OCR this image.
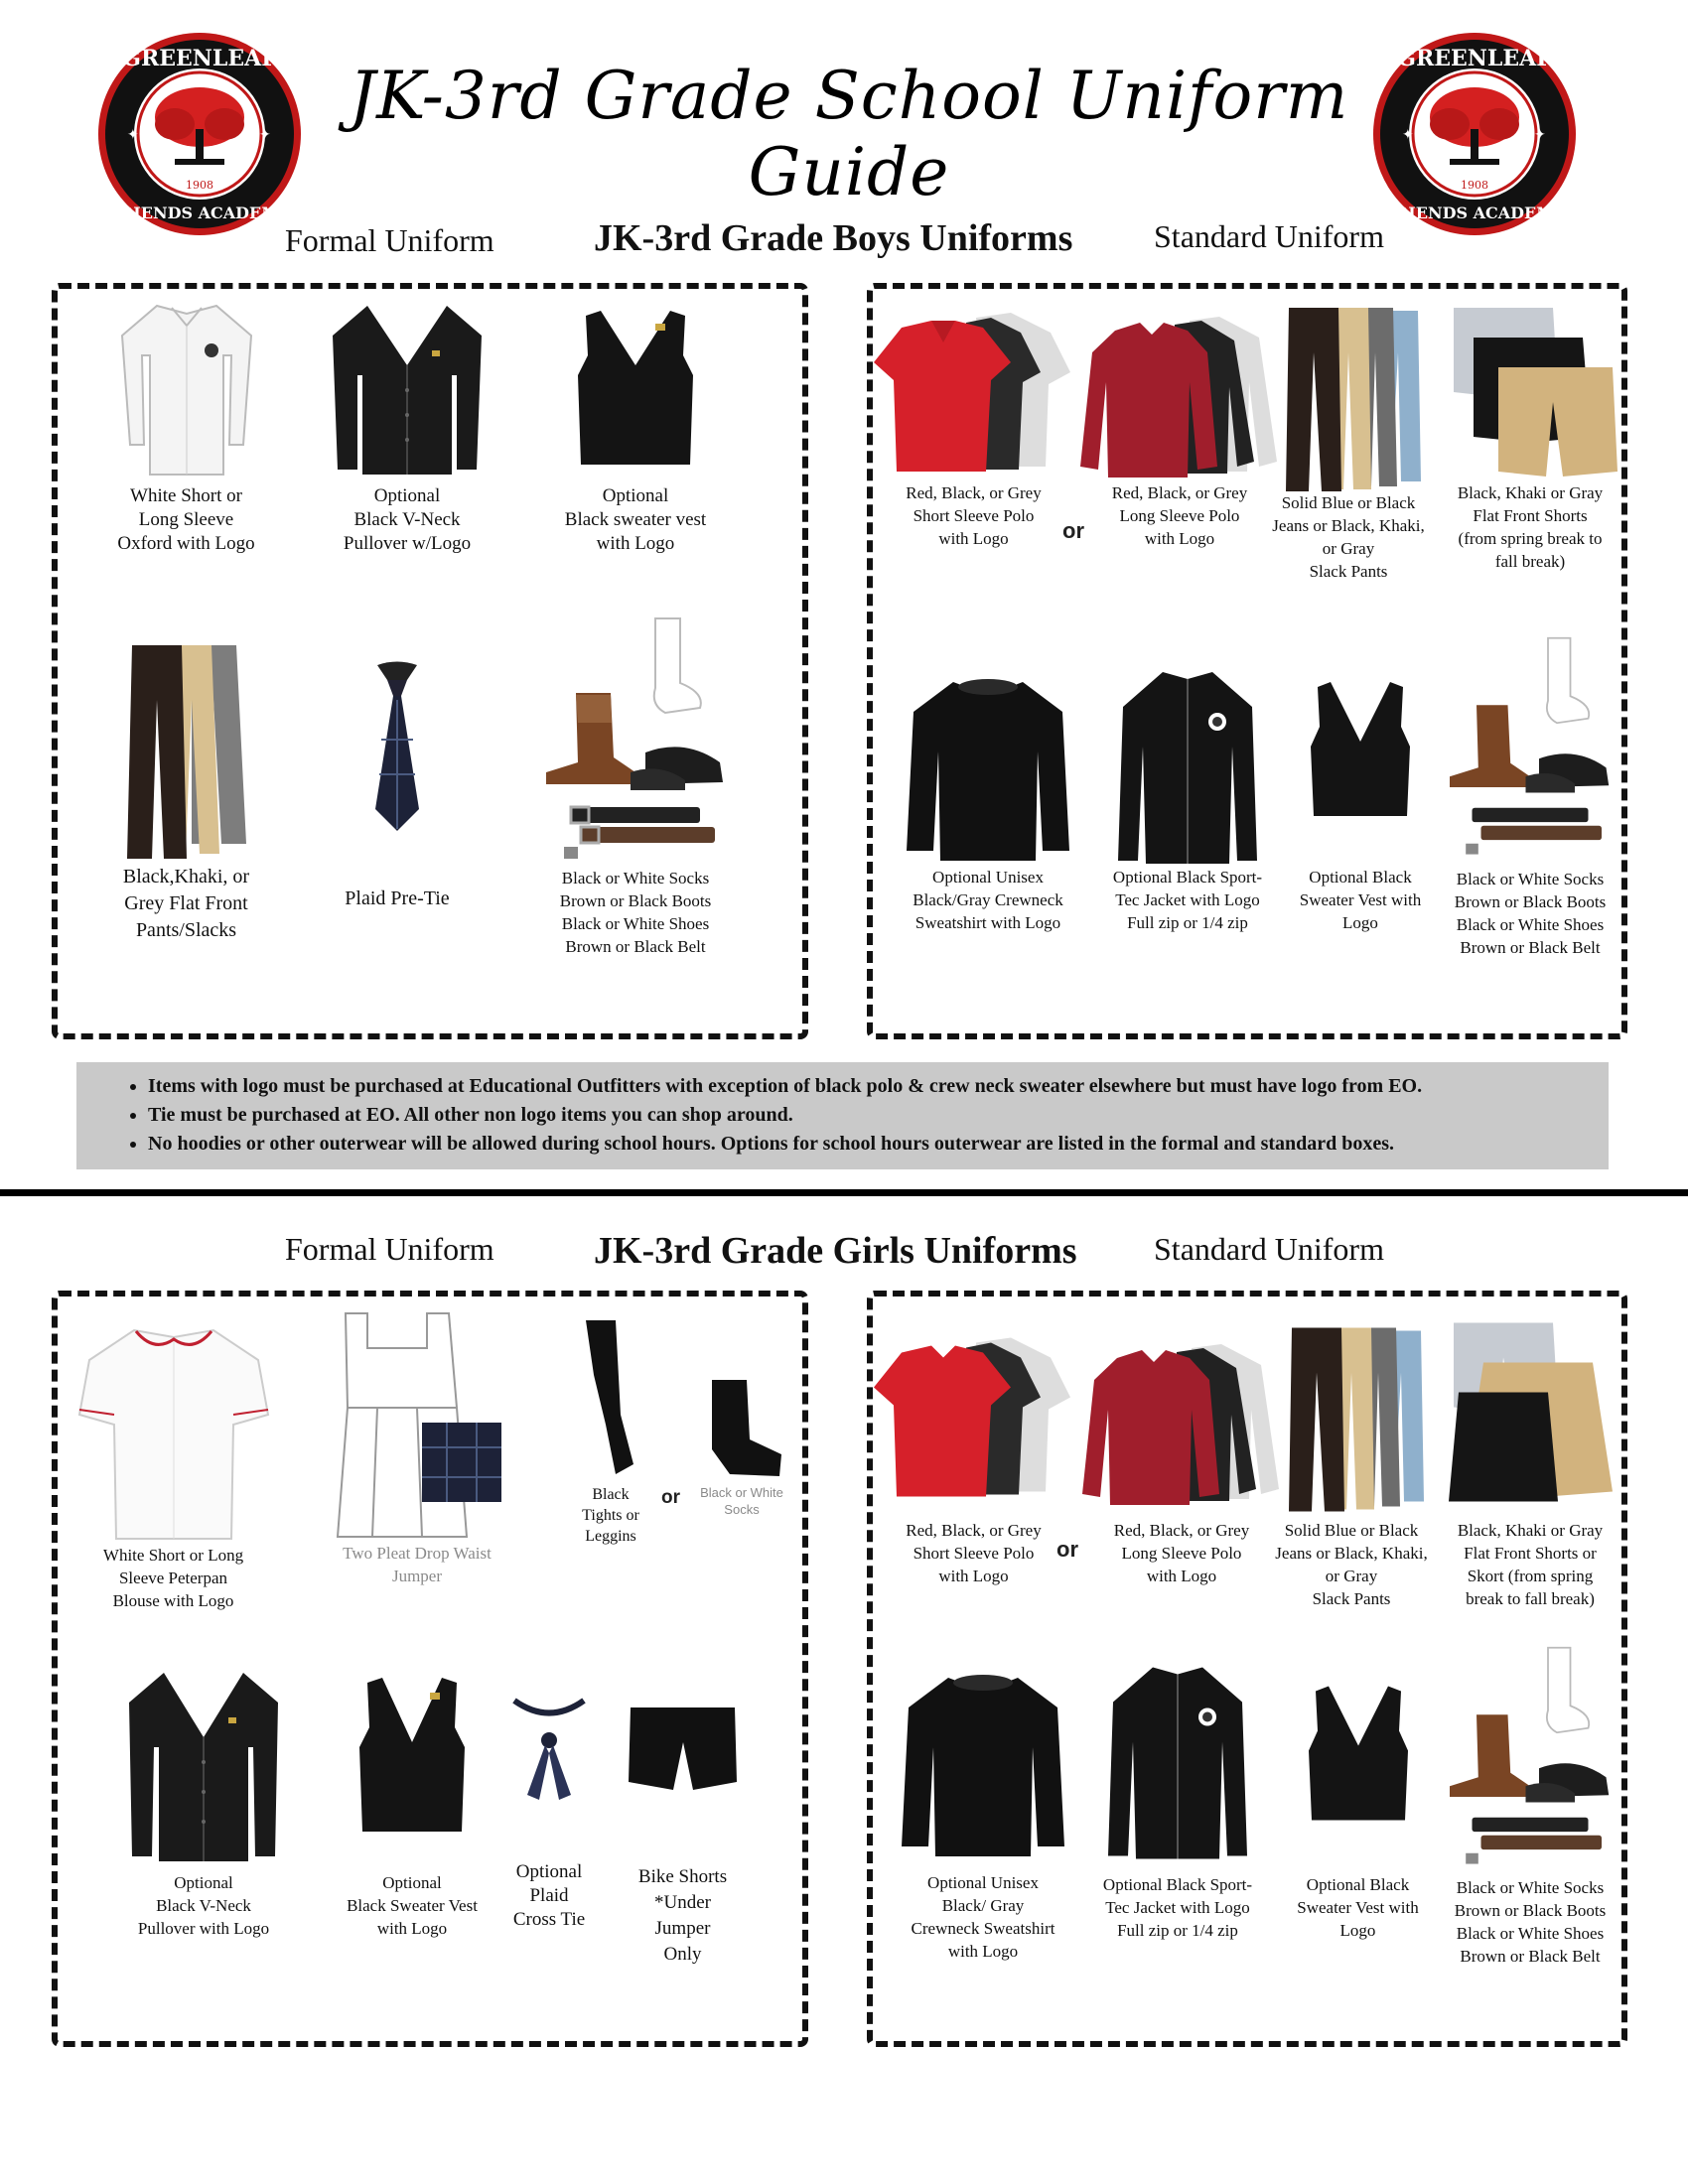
GREENLEAF
FRIENDS ACADEMY
1908
✦	✦
JK-3rd Grade School Uniform Guide
GREENLEAF
FRIENDS ACADEMY
1908
✦	✦
Formal Uniform	JK-3rd Grade Boys Uniforms	Standard Uniform
White Short or
Long Sleeve
Oxford with Logo
Optional
Black V-Neck
Pullover w/Logo
Optional
Black sweater vest
with Logo
Black,Khaki, or
Grey Flat Front
Pants/Slacks
Plaid Pre-Tie
Black or White Socks
Brown or Black Boots
Black or White Shoes
Brown or Black Belt
Red, Black, or Grey
Short Sleeve Polo
with Logo	or
Red, Black, or Grey
Long Sleeve Polo
with Logo
Solid Blue or Black
Jeans or Black, Khaki,
or Gray
Slack Pants
Black, Khaki or Gray
Flat Front Shorts
(from spring break to
fall break)
Optional Unisex
Black/Gray Crewneck
Sweatshirt with Logo
Optional Black Sport-
Tec Jacket with Logo
Full zip or 1/4 zip
Optional Black
Sweater Vest with
Logo
Black or White Socks
Brown or Black Boots
Black or White Shoes
Brown or Black Belt
• Items with logo must be purchased at Educational Outfitters with exception of black polo & crew neck sweater elsewhere but must have logo from EO.
• Tie must be purchased at EO. All other non logo items you can shop around.
• No hoodies or other outerwear will be allowed during school hours. Options for school hours outerwear are listed in the formal and standard boxes.
Formal Uniform	JK-3rd Grade Girls Uniforms Standard Uniform
White Short or Long
Sleeve Peterpan
Blouse with Logo
Two Pleat Drop Waist
Jumper
Black
Tights or
Leggins
or	Black or White
Socks
Optional
Black V-Neck
Pullover with Logo
Optional
Black Sweater Vest
with Logo
Optional
Plaid
Cross Tie
Bike Shorts
*Under
Jumper
Only
Red, Black, or Grey
Short Sleeve Polo
with Logo
or
Red, Black, or Grey
Long Sleeve Polo
with Logo
Solid Blue or Black
Jeans or Black, Khaki,
or Gray
Slack Pants
Black, Khaki or Gray
Flat Front Shorts or
Skort (from spring
break to fall break)
Optional Unisex
Black/ Gray
Crewneck Sweatshirt
with Logo
Optional Black Sport-
Tec Jacket with Logo
Full zip or 1/4 zip
Optional Black
Sweater Vest with
Logo
Black or White Socks
Brown or Black Boots
Black or White Shoes
Brown or Black Belt
